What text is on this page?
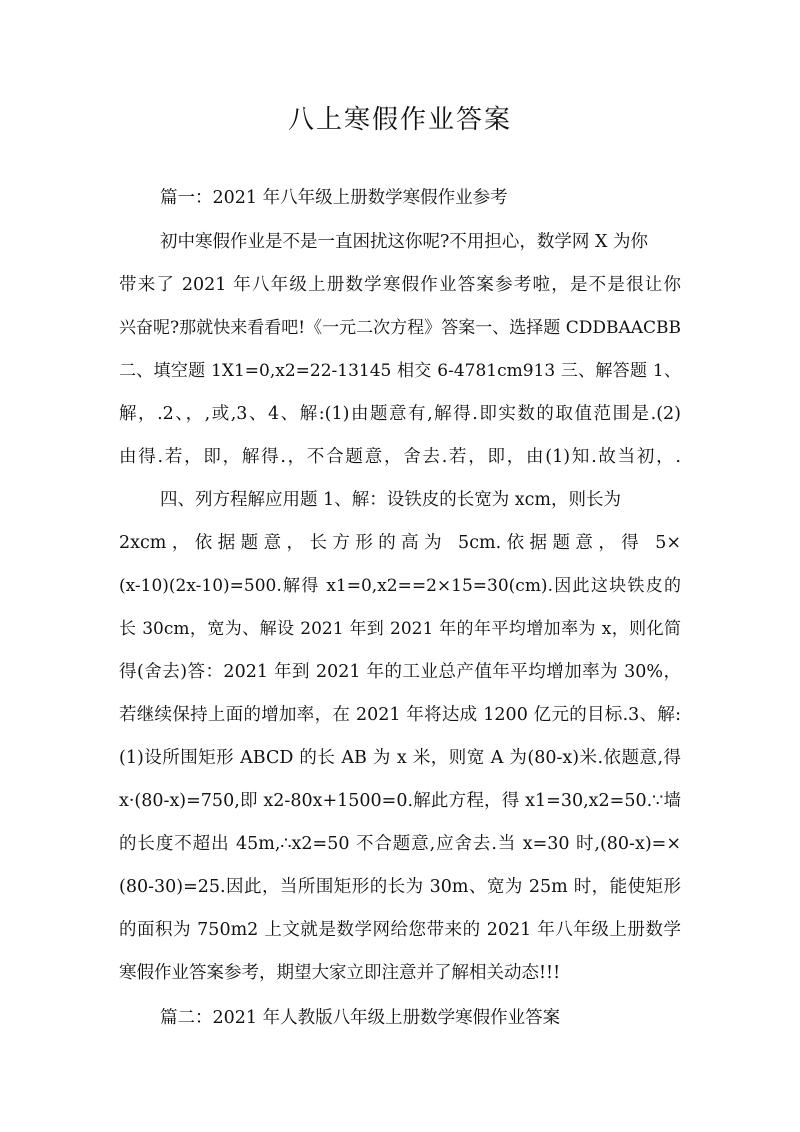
八上寒假作业答案
篇一：2021 年八年级上册数学寒假作业参考
初中寒假作业是不是一直困扰这你呢?不用担心，数学网 X 为你
带来了 2021 年八年级上册数学寒假作业答案参考啦，是不是很让你
兴奋呢?那就快来看看吧!《一元二次方程》答案一、选择题 CDDBAACBB
二、填空题 1X1=0,x2=22-13145 相交 6-4781cm913 三、解答题 1、
解，.2、，,或,3、4、解:(1)由题意有,解得.即实数的取值范围是.(2)
由得.若，即，解得.，不合题意，舍去.若，即，由(1)知.故当初，.
四、列方程解应用题 1、解：设铁皮的长宽为 xcm，则长为
2xcm，依据题意，长方形的高为 5cm.依据题意，得 5×
(x-10)(2x-10)=500.解得 x1=0,x2==2×15=30(cm).因此这块铁皮的
长 30cm，宽为、解设 2021 年到 2021 年的年平均增加率为 x，则化简
得(舍去)答：2021 年到 2021 年的工业总产值年平均增加率为 30%，
若继续保持上面的增加率，在 2021 年将达成 1200 亿元的目标.3、解:
(1)设所围矩形 ABCD 的长 AB 为 x 米，则宽 A 为(80-x)米.依题意,得
x·(80-x)=750,即 x2-80x+1500=0.解此方程，得 x1=30,x2=50.∵墙
的长度不超出 45m,∴x2=50 不合题意,应舍去.当 x=30 时,(80-x)=×
(80-30)=25.因此，当所围矩形的长为 30m、宽为 25m 时，能使矩形
的面积为 750m2 上文就是数学网给您带来的 2021 年八年级上册数学
寒假作业答案参考，期望大家立即注意并了解相关动态!!!
篇二：2021 年人教版八年级上册数学寒假作业答案
